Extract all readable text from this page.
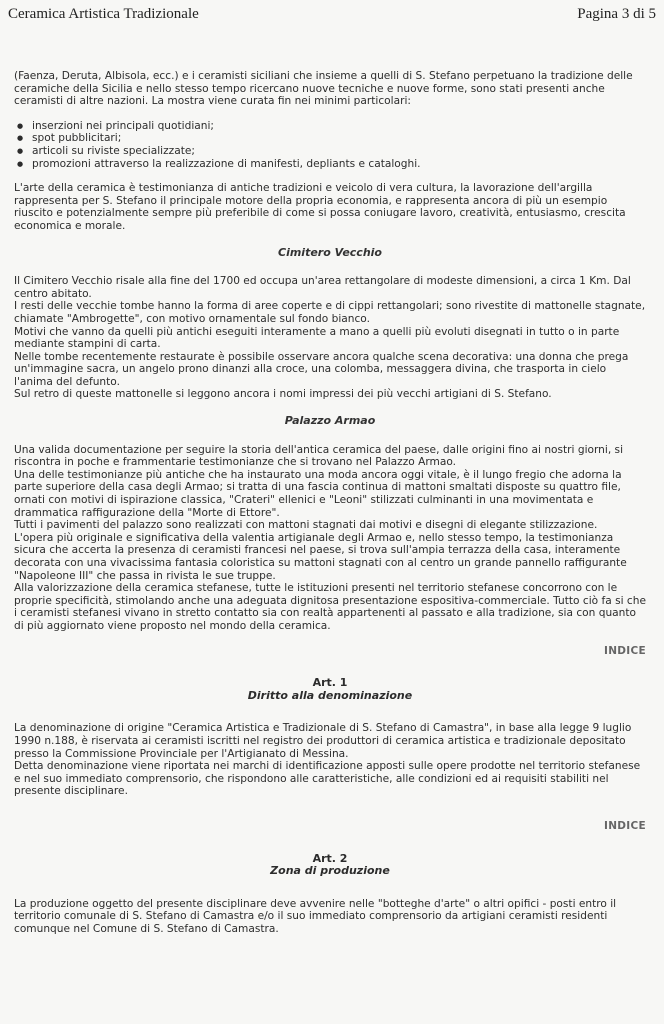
Ceramica Artistica Tradizionale	Pagina 3 di 5

(Faenza, Deruta, Albisola, ecc.) e i ceramisti siciliani che insieme a quelli di S. Stefano perpetuano la tradizione delle ceramiche della Sicilia e nello stesso tempo ricercano nuove tecniche e nuove forme, sono stati presenti anche ceramisti di altre nazioni. La mostra viene curata fin nei minimi particolari:

● inserzioni nei principali quotidiani;
● spot pubblicitari;
● articoli su riviste specializzate;
● promozioni attraverso la realizzazione di manifesti, depliants e cataloghi.

L'arte della ceramica è testimonianza di antiche tradizioni e veicolo di vera cultura, la lavorazione dell'argilla rappresenta per S. Stefano il principale motore della propria economia, e rappresenta ancora di più un esempio riuscito e potenzialmente sempre più preferibile di come si possa coniugare lavoro, creatività, entusiasmo, crescita economica e morale.

Cimitero Vecchio

Il Cimitero Vecchio risale alla fine del 1700 ed occupa un'area rettangolare di modeste dimensioni, a circa 1 Km. Dal centro abitato.

I resti delle vecchie tombe hanno la forma di aree coperte e di cippi rettangolari; sono rivestite di mattonelle stagnate, chiamate "Ambrogette", con motivo ornamentale sul fondo bianco.

Motivi che vanno da quelli più antichi eseguiti interamente a mano a quelli più evoluti disegnati in tutto o in parte mediante stampini di carta.

Nelle tombe recentemente restaurate è possibile osservare ancora qualche scena decorativa: una donna che prega un'immagine sacra, un angelo prono dinanzi alla croce, una colomba, messaggera divina, che trasporta in cielo l'anima del defunto.

Sul retro di queste mattonelle si leggono ancora i nomi impressi dei più vecchi artigiani di S. Stefano.

Palazzo Armao

Una valida documentazione per seguire la storia dell'antica ceramica del paese, dalle origini fino ai nostri giorni, si riscontra in poche e frammentarie testimonianze che si trovano nel Palazzo Armao.

Una delle testimonianze più antiche che ha instaurato una moda ancora oggi vitale, è il lungo fregio che adorna la parte superiore della casa degli Armao; si tratta di una fascia continua di mattoni smaltati disposte su quattro file, ornati con motivi di ispirazione classica, "Crateri" ellenici e "Leoni" stilizzati culminanti in una movimentata e drammatica raffigurazione della "Morte di Ettore".

Tutti i pavimenti del palazzo sono realizzati con mattoni stagnati dai motivi e disegni di elegante stilizzazione.

L'opera più originale e significativa della valentia artigianale degli Armao e, nello stesso tempo, la testimonianza sicura che accerta la presenza di ceramisti francesi nel paese, si trova sull'ampia terrazza della casa, interamente decorata con una vivacissima fantasia coloristica su mattoni stagnati con al centro un grande pannello raffigurante "Napoleone III" che passa in rivista le sue truppe.

Alla valorizzazione della ceramica stefanese, tutte le istituzioni presenti nel territorio stefanese concorrono con le proprie specificità, stimolando anche una adeguata dignitosa presentazione espositiva-commerciale. Tutto ciò fa si che i ceramisti stefanesi vivano in stretto contatto sia con realtà appartenenti al passato e alla tradizione, sia con quanto di più aggiornato viene proposto nel mondo della ceramica.

INDICE
Art. 1
Diritto alla denominazione

La denominazione di origine "Ceramica Artistica e Tradizionale di S. Stefano di Camastra", in base alla legge 9 luglio 1990 n.188, è riservata ai ceramisti iscritti nel registro dei produttori di ceramica artistica e tradizionale depositato presso la Commissione Provinciale per l'Artigianato di Messina.

Detta denominazione viene riportata nei marchi di identificazione apposti sulle opere prodotte nel territorio stefanese e nel suo immediato comprensorio, che rispondono alle caratteristiche, alle condizioni ed ai requisiti stabiliti nel presente disciplinare.

INDICE
Art. 2
Zona di produzione

La produzione oggetto del presente disciplinare deve avvenire nelle "botteghe d'arte" o altri opifici - posti entro il territorio comunale di S. Stefano di Camastra e/o il suo immediato comprensorio da artigiani ceramisti residenti comunque nel Comune di S. Stefano di Camastra.
